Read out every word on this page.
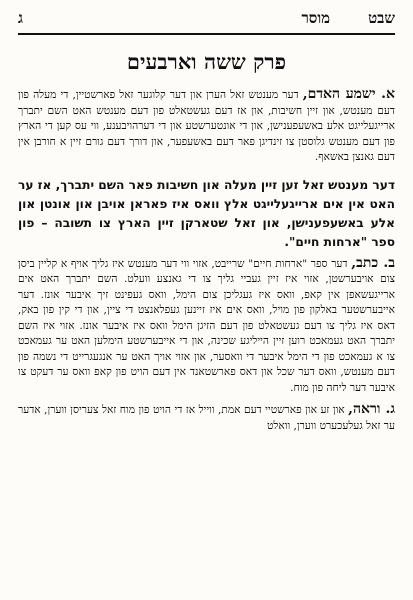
שבט
מוסר
ג
פרק ששה וארבעים

א. ישמע האדם, דער מענטש זאל הערן און דער קלוגער זאל פארשטיין, די מעלה פון דעם מענטש, און זיין חשיבות, און אז דעם געשטאלט פון דעם מענטש האט השם יתברך ארייגעלייגט אלע באשעפענישן, און די אונטערשטע און די דערהויבענע, ווי עס קען די הארץ פון דעם מענטש גלוסטן צו זינדיגן פאר דעם באשעפער, און דורך דעם גורם זיין א חורבן אין דעם גאנצן באשאף.

דער מענטש זאל זען זיין מעלה און חשיבות פאר השם יתברך, אז ער האט אין אים ארייגעלייגט אלץ וואס איז פאראן אויבן און אונטן און אלע באשעפענישן, און זאל שטארקן זיין הארץ צו תשובה – פון ספר "ארחות חיים".

ב. כתב, דער ספר "ארחות חיים" שרייבט, אזוי ווי דער מענטש איז גליך אויף א קליין ביסן צום אויבערשטן, אזוי איז זיין געביי גליך צו די גאנצע וועלט. השם יתברך האט אים ארייגעשאפן אין קאפ, וואס איז געגליכן צום הימל, וואס געפינט זיך איבער אונז. דער אייבערשטער באלקון פון מויל, וואס אים איז זיינען געפלאנצט די ציין, און די קין פון באק, דאס איז גליך צו דעם געשטאלט פון דעם הזיגן הימל וואס איז איבער אונז. אזוי איז השם יתברך האט געמאכט רוען זיין הייליגע שכינה, און די אייבערשטע הימלען האט ער געמאכט צו א געמאכט פון די הימל איבער די וואסער, און אזוי אויך האט ער אנגעגרייט די נשמה פון דעם מענטש, וואס דער שכל און דאס פארשטאנד אין דעם הויט פון קאפ וואס ער דעקט צו איבער דער ליחה פון מוח.

ג. וראה, און זע און פארשטיי דעם אמת, ווייל אז די הויט פון מוח זאל צעריסן ווערן, אדער ער זאל געלעכערט ווערן, וואלט
